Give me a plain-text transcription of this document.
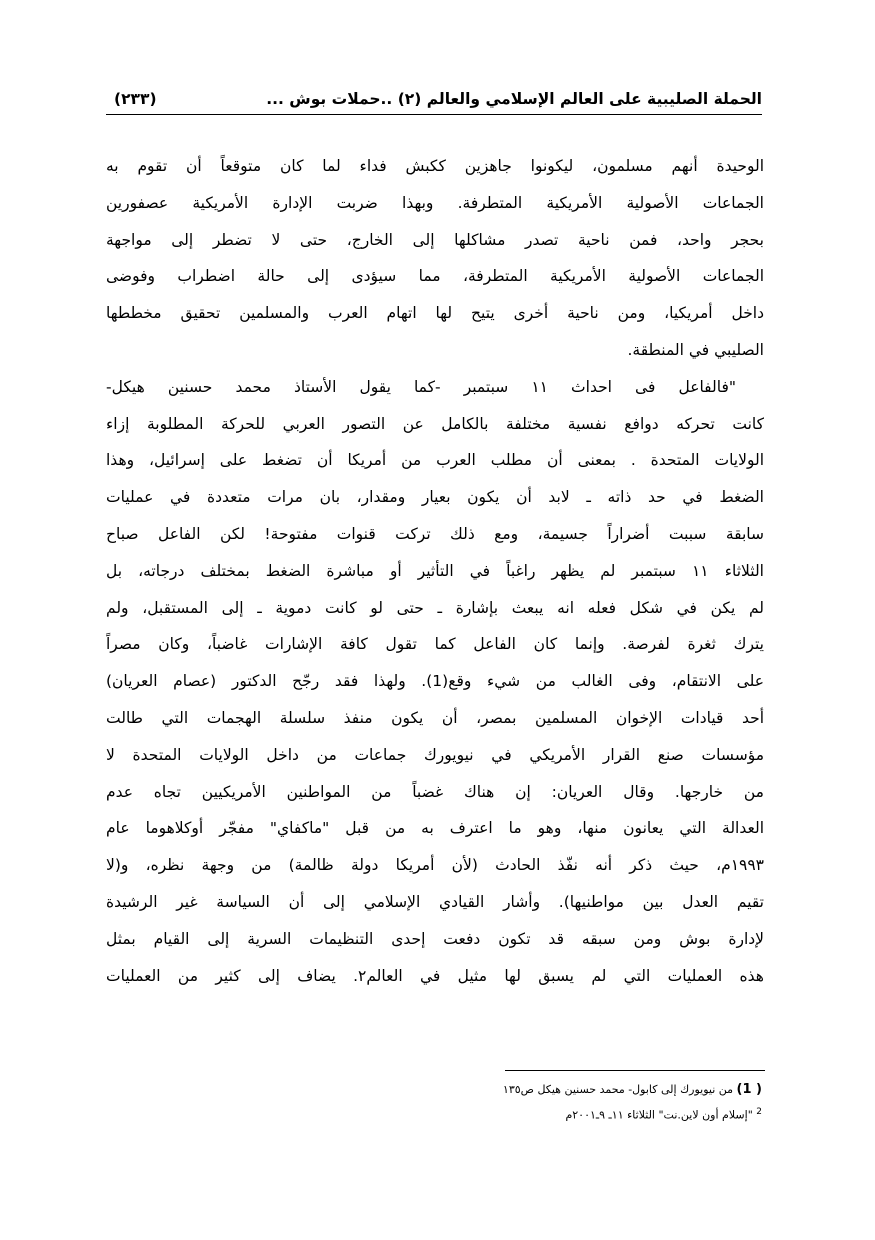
الحملة الصليبية على العالم الإسلامي والعالم (٢) ..حملات بوش ...
(٢٣٣)
الوحيدة أنهم مسلمون، ليكونوا جاهزين ككبش فداء لما كان متوقعاً أن تقوم به
الجماعات الأصولية الأمريكية المتطرفة. وبهذا ضربت الإدارة الأمريكية عصفورين
بحجر واحد، فمن ناحية تصدر مشاكلها إلى الخارج، حتى لا تضطر إلى مواجهة
الجماعات الأصولية الأمريكية المتطرفة، مما سيؤدى إلى حالة اضطراب وفوضى
داخل أمريكيا، ومن ناحية أخرى يتيح لها اتهام العرب والمسلمين تحقيق مخططها
الصليبي في المنطقة.
"فالفاعل فى احداث ١١ سبتمبر -كما يقول الأستاذ محمد حسنين هيكل-
كانت تحركه دوافع نفسية مختلفة بالكامل عن التصور العربي للحركة المطلوبة إزاء
الولايات المتحدة . بمعنى أن مطلب العرب من أمريكا أن تضغط على إسرائيل، وهذا
الضغط في حد ذاته ـ لابد أن يكون بعيار ومقدار، بان مرات متعددة في عمليات
سابقة سببت أضراراً جسيمة، ومع ذلك تركت قنوات مفتوحة! لكن الفاعل صباح
الثلاثاء ١١ سبتمبر لم يظهر راغباً في التأثير أو مباشرة الضغط بمختلف درجاته، بل
لم يكن في شكل فعله انه يبعث بإشارة ـ حتى لو كانت دموية ـ إلى المستقبل، ولم
يترك ثغرة لفرصة. وإنما كان الفاعل كما تقول كافة الإشارات غاضباً، وكان مصراً
على الانتقام، وفى الغالب من شيء وقع(1). ولهذا فقد رجّح الدكتور (عصام العريان)
أحد قيادات الإخوان المسلمين بمصر، أن يكون منفذ سلسلة الهجمات التي طالت
مؤسسات صنع القرار الأمريكي في نيويورك جماعات من داخل الولايات المتحدة لا
من خارجها. وقال العريان: إن هناك غضباً من المواطنين الأمريكيين تجاه عدم
العدالة التي يعانون منها، وهو ما اعترف به من قبل "ماكفاي" مفجّر أوكلاهوما عام
١٩٩٣م، حيث ذكر أنه نفّذ الحادث (لأن أمريكا دولة ظالمة) من وجهة نظره، و(لا
تقيم العدل بين مواطنيها). وأشار القيادي الإسلامي إلى أن السياسة غير الرشيدة
لإدارة بوش ومن سبقه قد تكون دفعت إحدى التنظيمات السرية إلى القيام بمثل
هذه العمليات التي لم يسبق لها مثيل في العالم٢. يضاف إلى كثير من العمليات
( 1) من نيويورك إلى كابول- محمد حسنين هيكل ص١٣٥
$^2$ "إسلام أون لاين.نت" الثلاثاء ١١ـ ٩ـ٢٠٠١م
